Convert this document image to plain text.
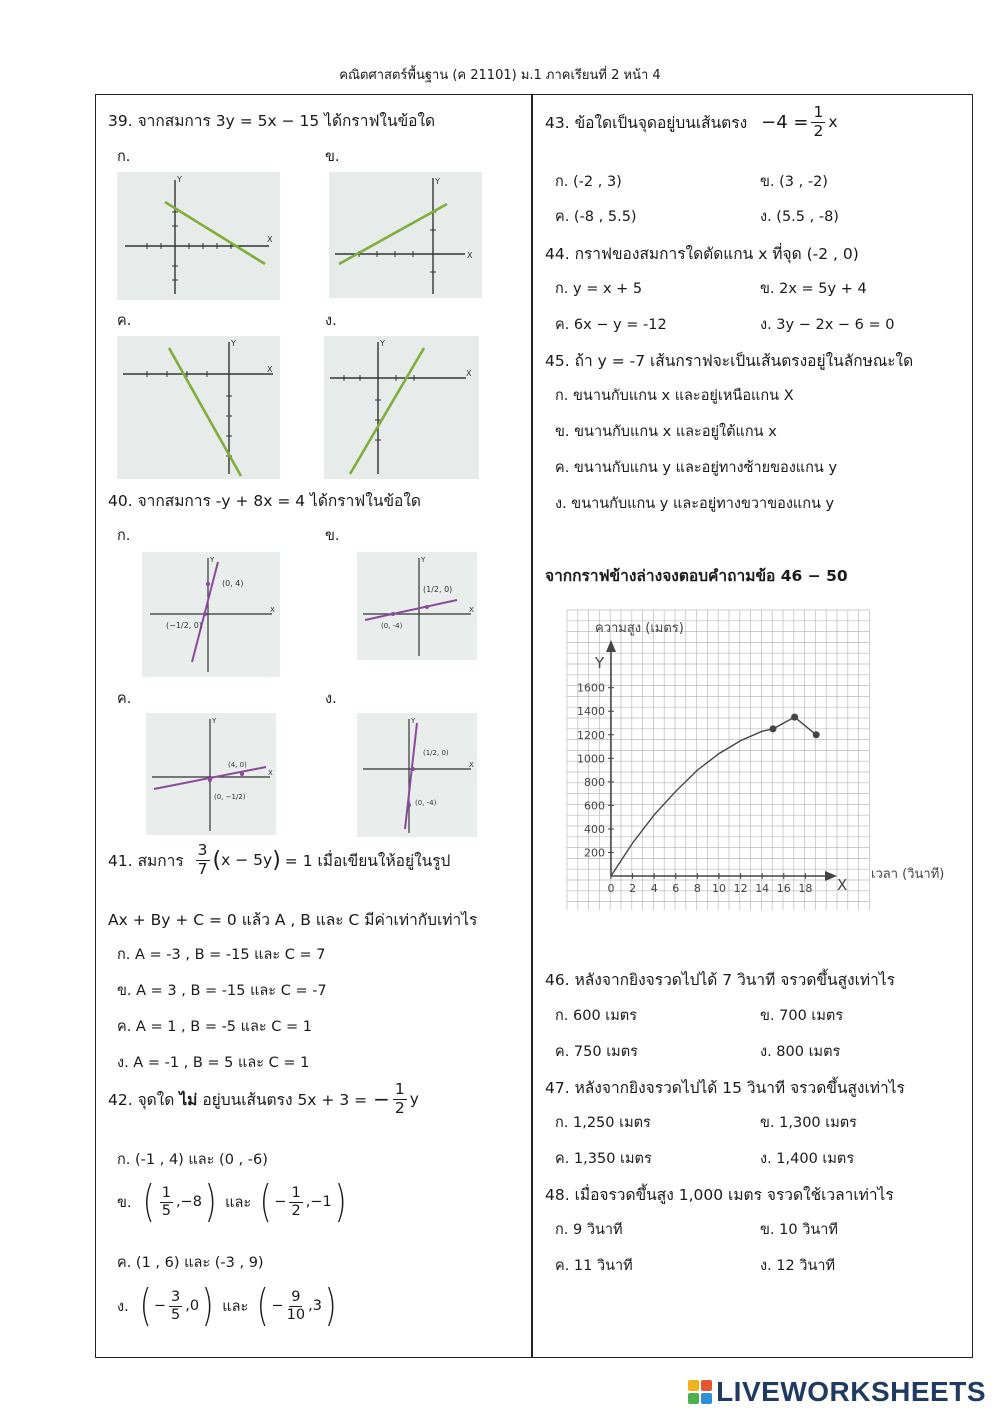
คณิตศาสตร์พื้นฐาน (ค 21101) ม.1 ภาคเรียนที่ 2 หน้า 4
39. จากสมการ 3y = 5x − 15 ได้กราฟในข้อใด
ก.	ข.
ค.	ง.
Y
X
Y
X
Y
X
Y
X
40. จากสมการ -y + 8x = 4 ได้กราฟในข้อใด
ก.	ข.
ค.	ง.
(0, 4)
(−1/2, 0)
Y
X
(1/2, 0)
(0, -4)
Y
X
(4, 0)
(0, −1/2)
Y
X
(1/2, 0)
(0, -4)
Y
X
41. สมการ $\frac{3}{7}$ ( x − 5y ) = 1 เมื่อเขียนให้อยู่ในรูป
Ax + By + C = 0 แล้ว A , B และ C มีค่าเท่ากับเท่าไร
ก. A = -3 , B = -15 และ C = 7
ข. A = 3 , B = -15 และ C = -7
ค. A = 1 , B = -5 และ C = 1
ง. A = -1 , B = 5 และ C = 1
42. จุดใด ไม่ อยู่บนเส้นตรง 5x + 3 = − $\frac{1}{2}$ y
ก. (-1 , 4) และ (0 , -6)
ข. ( $\frac{1}{5} ,-8$ ) และ ( − $\frac{1}{2} ,-1$ )
ค. (1 , 6) และ (-3 , 9)
ง. ( − $\frac{3}{5} ,0$ ) และ ( − $\frac{9}{10} ,3$ )
43. ข้อใดเป็นจุดอยู่บนเส้นตรง $-4 = \frac{1}{2}$ x
ก. (-2 , 3)	ข. (3 , -2)
ค. (-8 , 5.5)	ง. (5.5 , -8)
44. กราฟของสมการใดตัดแกน x ที่จุด (-2 , 0)
ก. y = x + 5	ข. 2x = 5y + 4
ค. 6x − y = -12	ง. 3y − 2x − 6 = 0
45. ถ้า y = -7 เส้นกราฟจะเป็นเส้นตรงอยู่ในลักษณะใด
ก. ขนานกับแกน x และอยู่เหนือแกน X
ข. ขนานกับแกน x และอยู่ใต้แกน x
ค. ขนานกับแกน y และอยู่ทางซ้ายของแกน y
ง. ขนานกับแกน y และอยู่ทางขวาของแกน y
จากกราฟข้างล่างจงตอบคำถามข้อ 46 − 50
200
400
600
800
1000
1200
1400
1600
0 2 4 6 8 10 12 14 16 18
ความสูง (เมตร)
Y
X
เวลา (วินาที)
46. หลังจากยิงจรวดไปได้ 7 วินาที จรวดขึ้นสูงเท่าไร
ก. 600 เมตร	ข. 700 เมตร
ค. 750 เมตร	ง. 800 เมตร
47. หลังจากยิงจรวดไปได้ 15 วินาที จรวดขึ้นสูงเท่าไร
ก. 1,250 เมตร	ข. 1,300 เมตร
ค. 1,350 เมตร	ง. 1,400 เมตร
48. เมื่อจรวดขึ้นสูง 1,000 เมตร จรวดใช้เวลาเท่าไร
ก. 9 วินาที	ข. 10 วินาที
ค. 11 วินาที	ง. 12 วินาที
LIVEWORKSHEETS
